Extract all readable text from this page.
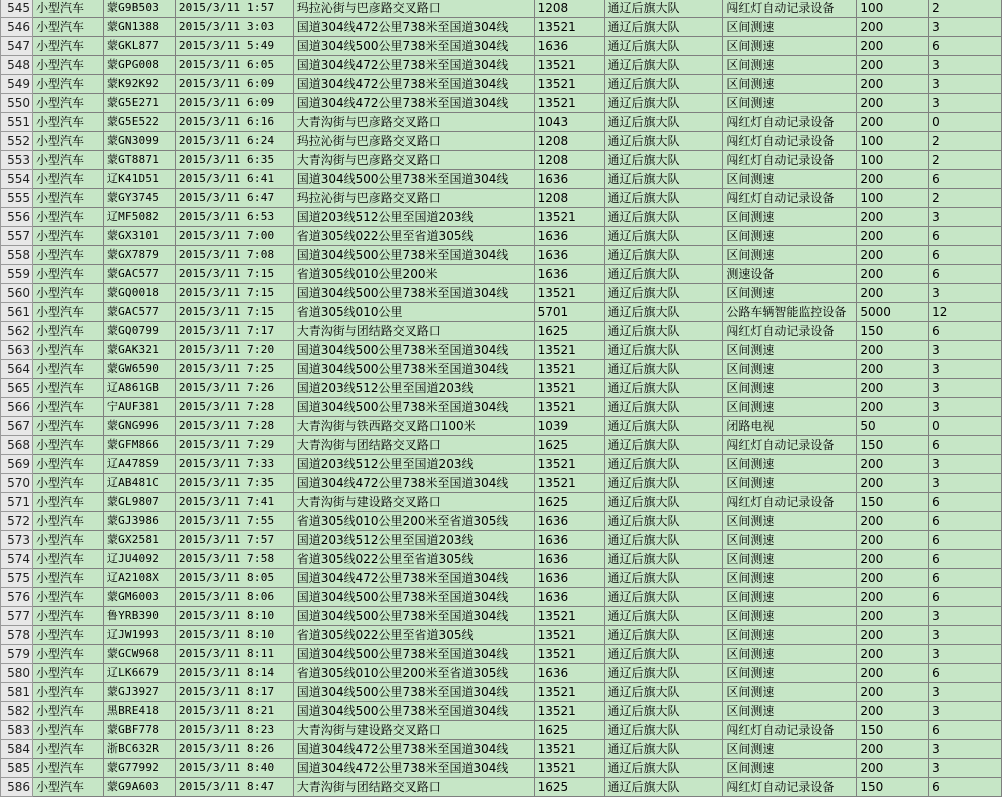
545	小型汽车	蒙G9B503	2015/3/11 1:57	玛拉沁街与巴彦路交叉路口	1208	通辽后旗大队	闯红灯自动记录设备	100	2
546	小型汽车	蒙GN1388	2015/3/11 3:03	国道304线472公里738米至国道304线	13521	通辽后旗大队	区间测速	200	3
547	小型汽车	蒙GKL877	2015/3/11 5:49	国道304线500公里738米至国道304线	1636	通辽后旗大队	区间测速	200	6
548	小型汽车	蒙GPG008	2015/3/11 6:05	国道304线472公里738米至国道304线	13521	通辽后旗大队	区间测速	200	3
549	小型汽车	蒙K92K92	2015/3/11 6:09	国道304线472公里738米至国道304线	13521	通辽后旗大队	区间测速	200	3
550	小型汽车	蒙G5E271	2015/3/11 6:09	国道304线472公里738米至国道304线	13521	通辽后旗大队	区间测速	200	3
551	小型汽车	蒙G5E522	2015/3/11 6:16	大青沟街与巴彦路交叉路口	1043	通辽后旗大队	闯红灯自动记录设备	200	0
552	小型汽车	蒙GN3099	2015/3/11 6:24	玛拉沁街与巴彦路交叉路口	1208	通辽后旗大队	闯红灯自动记录设备	100	2
553	小型汽车	蒙GT8871	2015/3/11 6:35	大青沟街与巴彦路交叉路口	1208	通辽后旗大队	闯红灯自动记录设备	100	2
554	小型汽车	辽K41D51	2015/3/11 6:41	国道304线500公里738米至国道304线	1636	通辽后旗大队	区间测速	200	6
555	小型汽车	蒙GY3745	2015/3/11 6:47	玛拉沁街与巴彦路交叉路口	1208	通辽后旗大队	闯红灯自动记录设备	100	2
556	小型汽车	辽MF5082	2015/3/11 6:53	国道203线512公里至国道203线	13521	通辽后旗大队	区间测速	200	3
557	小型汽车	蒙GX3101	2015/3/11 7:00	省道305线022公里至省道305线	1636	通辽后旗大队	区间测速	200	6
558	小型汽车	蒙GX7879	2015/3/11 7:08	国道304线500公里738米至国道304线	1636	通辽后旗大队	区间测速	200	6
559	小型汽车	蒙GAC577	2015/3/11 7:15	省道305线010公里200米	1636	通辽后旗大队	测速设备	200	6
560	小型汽车	蒙GQ0018	2015/3/11 7:15	国道304线500公里738米至国道304线	13521	通辽后旗大队	区间测速	200	3
561	小型汽车	蒙GAC577	2015/3/11 7:15	省道305线010公里	5701	通辽后旗大队	公路车辆智能监控设备	5000	12
562	小型汽车	蒙GQ0799	2015/3/11 7:17	大青沟街与团结路交叉路口	1625	通辽后旗大队	闯红灯自动记录设备	150	6
563	小型汽车	蒙GAK321	2015/3/11 7:20	国道304线500公里738米至国道304线	13521	通辽后旗大队	区间测速	200	3
564	小型汽车	蒙GW6590	2015/3/11 7:25	国道304线500公里738米至国道304线	13521	通辽后旗大队	区间测速	200	3
565	小型汽车	辽A861GB	2015/3/11 7:26	国道203线512公里至国道203线	13521	通辽后旗大队	区间测速	200	3
566	小型汽车	宁AUF381	2015/3/11 7:28	国道304线500公里738米至国道304线	13521	通辽后旗大队	区间测速	200	3
567	小型汽车	蒙GNG996	2015/3/11 7:28	大青沟街与铁西路交叉路口100米	1039	通辽后旗大队	闭路电视	50	0
568	小型汽车	蒙GFM866	2015/3/11 7:29	大青沟街与团结路交叉路口	1625	通辽后旗大队	闯红灯自动记录设备	150	6
569	小型汽车	辽A478S9	2015/3/11 7:33	国道203线512公里至国道203线	13521	通辽后旗大队	区间测速	200	3
570	小型汽车	辽AB481C	2015/3/11 7:35	国道304线472公里738米至国道304线	13521	通辽后旗大队	区间测速	200	3
571	小型汽车	蒙GL9807	2015/3/11 7:41	大青沟街与建设路交叉路口	1625	通辽后旗大队	闯红灯自动记录设备	150	6
572	小型汽车	蒙GJ3986	2015/3/11 7:55	省道305线010公里200米至省道305线	1636	通辽后旗大队	区间测速	200	6
573	小型汽车	蒙GX2581	2015/3/11 7:57	国道203线512公里至国道203线	1636	通辽后旗大队	区间测速	200	6
574	小型汽车	辽JU4092	2015/3/11 7:58	省道305线022公里至省道305线	1636	通辽后旗大队	区间测速	200	6
575	小型汽车	辽A2108X	2015/3/11 8:05	国道304线472公里738米至国道304线	1636	通辽后旗大队	区间测速	200	6
576	小型汽车	蒙GM6003	2015/3/11 8:06	国道304线500公里738米至国道304线	1636	通辽后旗大队	区间测速	200	6
577	小型汽车	鲁YRB390	2015/3/11 8:10	国道304线500公里738米至国道304线	13521	通辽后旗大队	区间测速	200	3
578	小型汽车	辽JW1993	2015/3/11 8:10	省道305线022公里至省道305线	13521	通辽后旗大队	区间测速	200	3
579	小型汽车	蒙GCW968	2015/3/11 8:11	国道304线500公里738米至国道304线	13521	通辽后旗大队	区间测速	200	3
580	小型汽车	辽LK6679	2015/3/11 8:14	省道305线010公里200米至省道305线	1636	通辽后旗大队	区间测速	200	6
581	小型汽车	蒙GJ3927	2015/3/11 8:17	国道304线500公里738米至国道304线	13521	通辽后旗大队	区间测速	200	3
582	小型汽车	黑BRE418	2015/3/11 8:21	国道304线500公里738米至国道304线	13521	通辽后旗大队	区间测速	200	3
583	小型汽车	蒙GBF778	2015/3/11 8:23	大青沟街与建设路交叉路口	1625	通辽后旗大队	闯红灯自动记录设备	150	6
584	小型汽车	浙BC632R	2015/3/11 8:26	国道304线472公里738米至国道304线	13521	通辽后旗大队	区间测速	200	3
585	小型汽车	蒙G77992	2015/3/11 8:40	国道304线472公里738米至国道304线	13521	通辽后旗大队	区间测速	200	3
586	小型汽车	蒙G9A603	2015/3/11 8:47	大青沟街与团结路交叉路口	1625	通辽后旗大队	闯红灯自动记录设备	150	6
